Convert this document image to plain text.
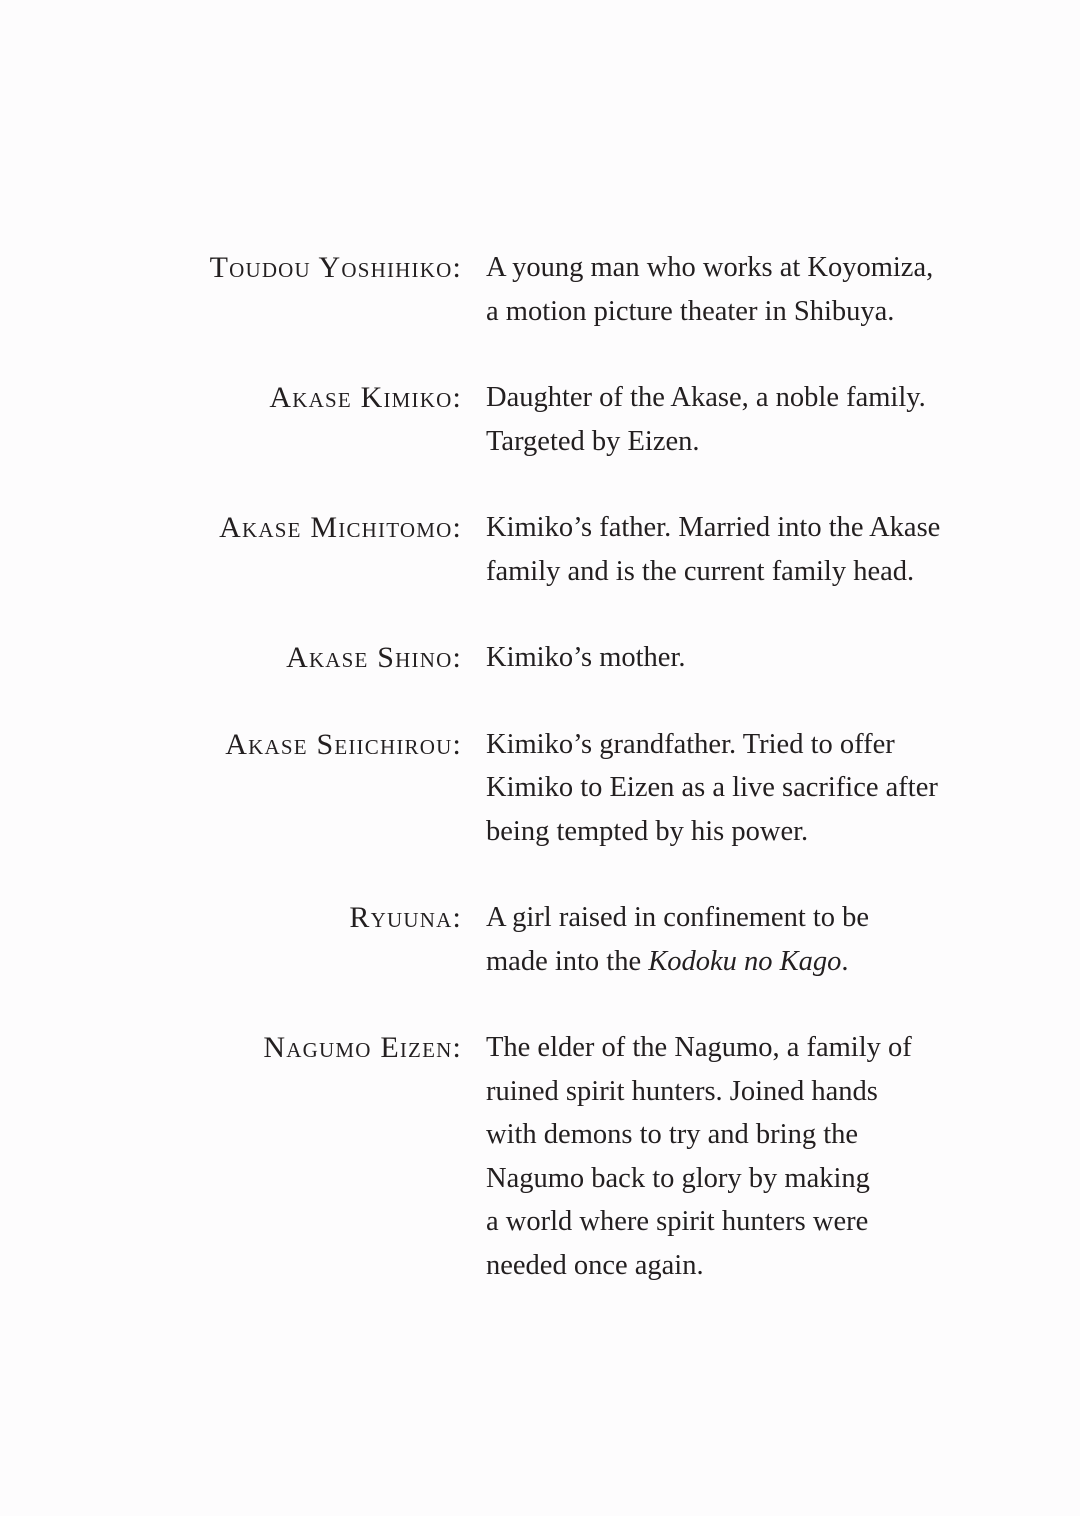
Toudou Yoshihiko: A young man who works at Koyomiza,
a motion picture theater in Shibuya.
Akase Kimiko: Daughter of the Akase, a noble family.
Targeted by Eizen.
Akase Michitomo: Kimiko’s father. Married into the Akase
family and is the current family head.
Akase Shino: Kimiko’s mother.
Akase Seiichirou: Kimiko’s grandfather. Tried to offer
Kimiko to Eizen as a live sacrifice after
being tempted by his power.
Ryuuna: A girl raised in confinement to be
made into the Kodoku no Kago.
Nagumo Eizen: The elder of the Nagumo, a family of
ruined spirit hunters. Joined hands
with demons to try and bring the
Nagumo back to glory by making
a world where spirit hunters were
needed once again.
